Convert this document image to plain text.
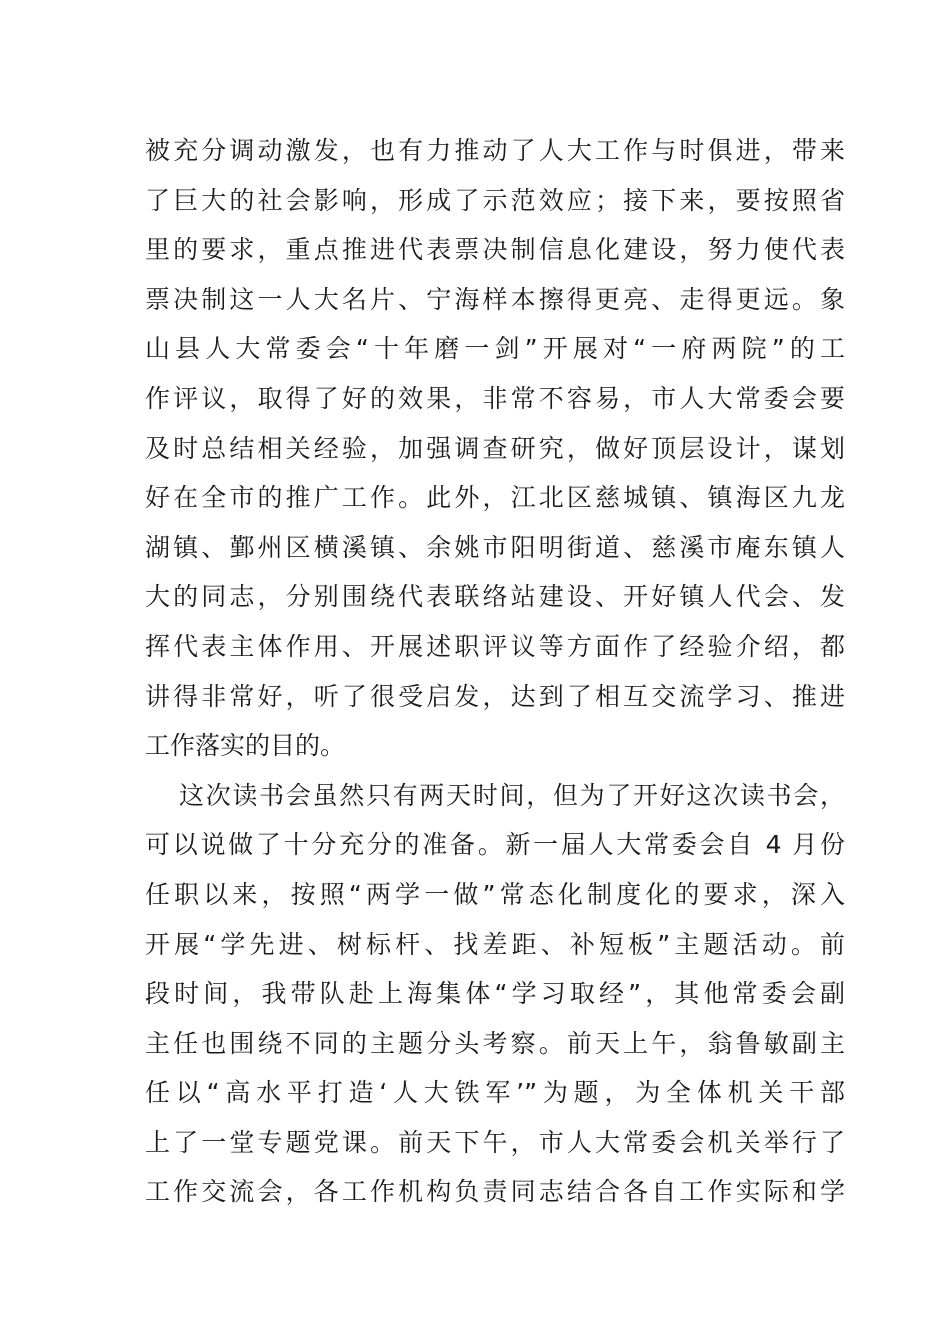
被充分调动激发，也有力推动了人大工作与时俱进，带来
了巨大的社会影响，形成了示范效应；接下来，要按照省
里的要求，重点推进代表票决制信息化建设，努力使代表
票决制这一人大名片、宁海样本擦得更亮、走得更远。象
山县人大常委会“十年磨一剑”开展对“一府两院”的工
作评议，取得了好的效果，非常不容易，市人大常委会要
及时总结相关经验，加强调查研究，做好顶层设计，谋划
好在全市的推广工作。此外，江北区慈城镇、镇海区九龙
湖镇、鄞州区横溪镇、余姚市阳明街道、慈溪市庵东镇人
大的同志，分别围绕代表联络站建设、开好镇人代会、发
挥代表主体作用、开展述职评议等方面作了经验介绍，都
讲得非常好，听了很受启发，达到了相互交流学习、推进
工作落实的目的。
这次读书会虽然只有两天时间，但为了开好这次读书会，
可以说做了十分充分的准备。新一届人大常委会自 4 月份
任职以来，按照“两学一做”常态化制度化的要求，深入
开展“学先进、树标杆、找差距、补短板”主题活动。前
段时间，我带队赴上海集体“学习取经”，其他常委会副
主任也围绕不同的主题分头考察。前天上午，翁鲁敏副主
任以“高水平打造‘人大铁军’”为题，为全体机关干部
上了一堂专题党课。前天下午，市人大常委会机关举行了
工作交流会，各工作机构负责同志结合各自工作实际和学
